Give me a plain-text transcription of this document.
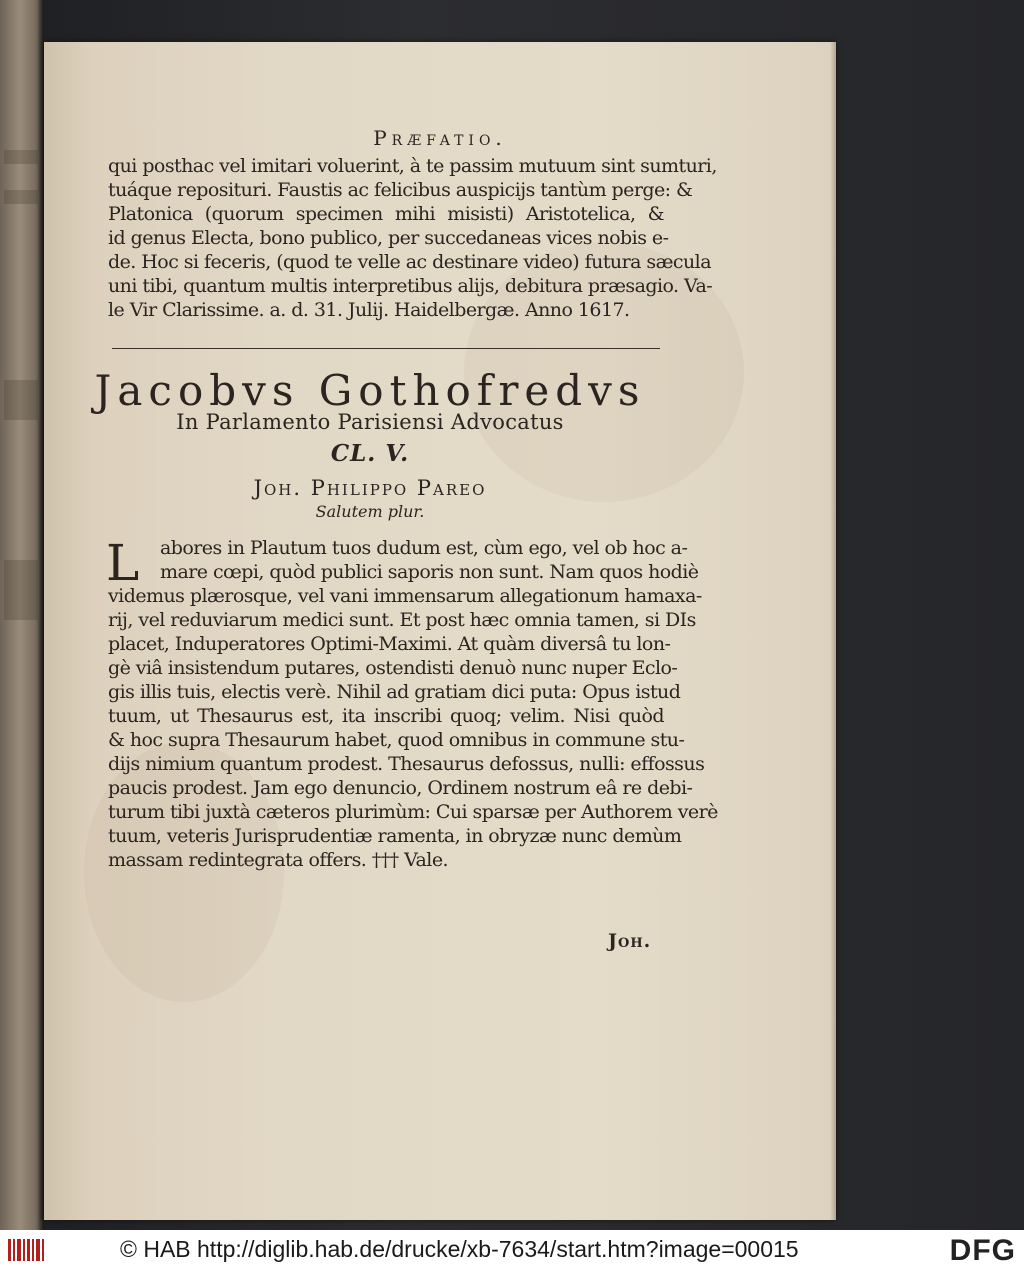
Præfatio.
qui posthac vel imitari voluerint, à te passim mutuum sint sumturi,
tuáque reposituri. Faustis ac felicibus auspicijs tantùm perge: &
Platonica (quorum specimen mihi misisti) Aristotelica, &
id genus Electa, bono publico, per succedaneas vices nobis e-
de. Hoc si feceris, (quod te velle ac destinare video) futura sæcula
uni tibi, quantum multis interpretibus alijs, debitura præsagio. Va-
le Vir Clarissime. a. d. 31. Julij. Haidelbergæ. Anno 1617.
Jacobvs Gothofredvs
In Parlamento Parisiensi Advocatus
CL. V.
Joh. Philippo Pareo
Salutem plur.
L	abores in Plautum tuos dudum est, cùm ego, vel ob hoc a-
mare cœpi, quòd publici saporis non sunt. Nam quos hodiè
videmus plærosque, vel vani immensarum allegationum hamaxa-
rij, vel reduviarum medici sunt. Et post hæc omnia tamen, si DIs
placet, Induperatores Optimi-Maximi. At quàm diversâ tu lon-
gè viâ insistendum putares, ostendisti denuò nunc nuper Eclo-
gis illis tuis, electis verè. Nihil ad gratiam dici puta: Opus istud
tuum, ut Thesaurus est, ita inscribi quoq; velim. Nisi quòd
& hoc supra Thesaurum habet, quod omnibus in commune stu-
dijs nimium quantum prodest. Thesaurus defossus, nulli: effossus
paucis prodest. Jam ego denuncio, Ordinem nostrum eâ re debi-
turum tibi juxtà cæteros plurimùm: Cui sparsæ per Authorem verè
tuum, veteris Jurisprudentiæ ramenta, in obryzæ nunc demùm
massam redintegrata offers. ††† Vale.
Joh.
© HAB http://diglib.hab.de/drucke/xb-7634/start.htm?image=00015	DFG
